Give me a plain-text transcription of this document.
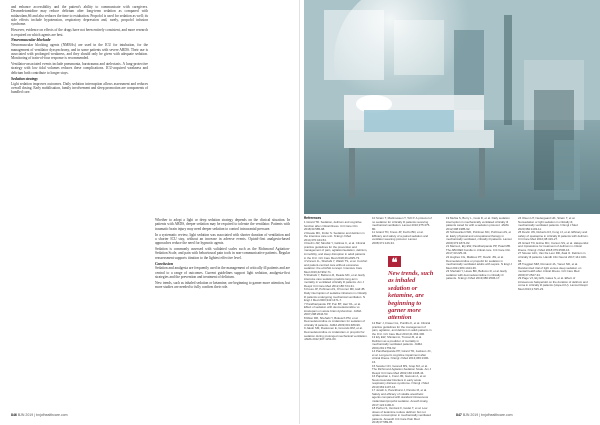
and enhance accessibility and the patient's ability to communicate with caregivers. Dexmedetomidine may reduce delirium after long-term sedation as compared with midazolam,66 and also reduces the time to extubation. Propofol is used for sedation as well; its side effects include hypotension, respiratory depression and, rarely, propofol infusion syndrome.

However, evidence on effects of the drugs have not been entirely consistent, and more research is required on which agents are best.

Neuromuscular blockade

Neuromuscular blocking agents (NMBAs) are used in the ICU for intubation, for the management of ventilator dyssynchrony, and in some patients with severe ARDS. Their use is associated with prolonged weakness, and they should only be given with adequate sedation. Monitoring of train-of-four response is recommended.

Ventilator-associated events include pneumonia, barotrauma and atelectasis. A lung-protective strategy with low tidal volumes reduces these complications. ICU-acquired weakness and delirium both contribute to longer stays.

Sedation strategy

Light sedation improves outcomes. Daily sedation interruption allows assessment and reduces overall dosing. Early mobilisation, family involvement and sleep promotion are components of bundled care.

Whether to adopt a light or deep sedation strategy depends on the clinical situation. In patients with ARDS, deeper sedation may be required to tolerate the ventilator. Patients with traumatic brain injury may need deeper sedation to control intracranial pressure.

In a systematic review, light sedation was associated with shorter duration of ventilation and a shorter ICU stay, without an increase in adverse events. Opioid-first analgesia-based approaches reduce the need for hypnotic agents.

Sedation is commonly assessed with validated scales such as the Richmond Agitation-Sedation Scale, and pain with behavioural pain tools in non-communicative patients. Regular reassessment supports titration to the lightest effective level.

Conclusion

Sedation and analgesia are frequently used in the management of critically ill patients and are central to a range of outcomes. Current guidelines support light sedation, analgesia-first strategies and the prevention and treatment of delirium.

New trends, such as inhaled sedation or ketamine, are beginning to garner more attention, but more studies are needed to fully confirm their role.

846 BJN 2019 | bnjofhealthcare.com
References
1 Girard TD. Sedation, delirium and cognitive function after critical illness. Crit Care Clin 2018;34:585-98.
2 Reade MC, Finfer S. Sedation and delirium in the intensive care unit. N Engl J Med 2014;370:444-54.
3 Devlin JW, Skrobik Y, Gélinas C, et al. Clinical practice guidelines for the prevention and management of pain, agitation/sedation, delirium, immobility, and sleep disruption in adult patients in the ICU. Crit Care Med 2018;46:e825-73.
4 Vincent JL, Shehabi Y, Walsh TS, et al. Comfort and patient-centred care without excessive sedation: the eCASH concept. Intensive Care Med 2016;42:962-71.
5 Shehabi Y, Bellomo R, Reade MC, et al. Early intensive care sedation predicts long-term mortality in ventilated critically ill patients. Am J Respir Crit Care Med 2012;186:724-31.
6 Kress JP, Pohlman AS, O'Connor MF, Hall JB. Daily interruption of sedative infusions in critically ill patients undergoing mechanical ventilation. N Engl J Med 2000;342:1471-7.
7 Pandharipande PP, Pun BT, Herr DL, et al. Effect of sedation with dexmedetomidine vs lorazepam on acute brain dysfunction. JAMA 2007;298:2644-53.
8 Riker RR, Shehabi Y, Bokesch PM, et al. Dexmedetomidine vs midazolam for sedation of critically ill patients. JAMA 2009;301:489-99.
9 Jakob SM, Ruokonen E, Grounds RM, et al. Dexmedetomidine vs midazolam or propofol for sedation during prolonged mechanical ventilation. JAMA 2012;307:1151-60.
10 Strøm T, Martinussen T, Toft P. A protocol of no sedation for critically ill patients receiving mechanical ventilation. Lancet 2010;375:475-80.
11 Girard TD, Kress JP, Fuchs BD, et al. Efficacy and safety of a paired sedation and ventilator weaning protocol. Lancet 2008;371:126-34.
❝
New trends, such as inhaled sedation or ketamine, are beginning to garner more attention
12 Barr J, Fraser GL, Puntillo K, et al. Clinical practice guidelines for the management of pain, agitation, and delirium in adult patients in the ICU. Crit Care Med 2013;41:263-306.
13 Ely EW, Shintani A, Truman B, et al. Delirium as a predictor of mortality in mechanically ventilated patients. JAMA 2004;291:1753-62.
14 Pandharipande PP, Girard TD, Jackson JC, et al. Long-term cognitive impairment after critical illness. N Engl J Med 2013;369:1306-16.
15 Sessler CN, Gosnell MS, Grap MJ, et al. The Richmond Agitation-Sedation Scale. Am J Respir Crit Care Med 2002;166:1338-44.
16 Papazian L, Forel JM, Gacouin A, et al. Neuromuscular blockers in early acute respiratory distress syndrome. N Engl J Med 2010;363:1107-16.
17 Jerath A, Panckhurst J, Parotto M, et al. Safety and efficacy of volatile anesthetic agents compared with standard intravenous midazolam/propofol sedation. Anesth Analg 2017;124:1190-9.
18 Perbet S, Verdonk F, Godet T, et al. Low doses of ketamine reduce delirium but not opiate consumption in mechanically ventilated patients. Anaesth Crit Care Pain Med 2018;37:589-95.
19 Mehta S, Burry L, Cook D, et al. Daily sedation interruption in mechanically ventilated critically ill patients cared for with a sedation protocol. JAMA 2012;308:1985-92.
20 Schweickert WD, Pohlman MC, Pohlman AS, et al. Early physical and occupational therapy in mechanically ventilated, critically ill patients. Lancet 2009;373:1874-82.
21 Marra A, Ely EW, Pandharipande PP, Patel MB. The ABCDEF bundle in critical care. Crit Care Clin 2017;33:225-43.
22 Hughes CG, Mailloux PT, Devlin JW, et al. Dexmedetomidine or propofol for sedation in mechanically ventilated adults with sepsis. N Engl J Med 2021;384:1424-36.
23 Shehabi Y, Howe BD, Bellomo R, et al. Early sedation with dexmedetomidine in critically ill patients. N Engl J Med 2019;380:2506-17.
24 Olsen HT, Nedergaard HK, Strøm T, et al. Nonsedation or light sedation in critically ill, mechanically ventilated patients. N Engl J Med 2020;382:1103-11.
25 Devlin JW, Roberts RJ, Fong JJ, et al. Efficacy and safety of quetiapine in critically ill patients with delirium. Crit Care Med 2010;38:419-27.
26 Girard TD, Exline MC, Carson SS, et al. Haloperidol and ziprasidone for treatment of delirium in critical illness. N Engl J Med 2018;379:2506-16.
27 Slooter AJC, Van De Leur RR, Zaal IJ. Delirium in critically ill patients. Handb Clin Neurol 2017;141:449-66.
28 Treggiari MM, Romand JA, Yanez ND, et al. Randomized trial of light versus deep sedation on mental health after critical illness. Crit Care Med 2009;37:2527-34.
29 Page VJ, Ely EW, Gates S, et al. Effect of intravenous haloperidol on the duration of delirium and coma in critically ill patients (Hope-ICU). Lancet Respir Med 2013;1:515-23.
847 BJN 2019 | bnjofhealthcare.com
